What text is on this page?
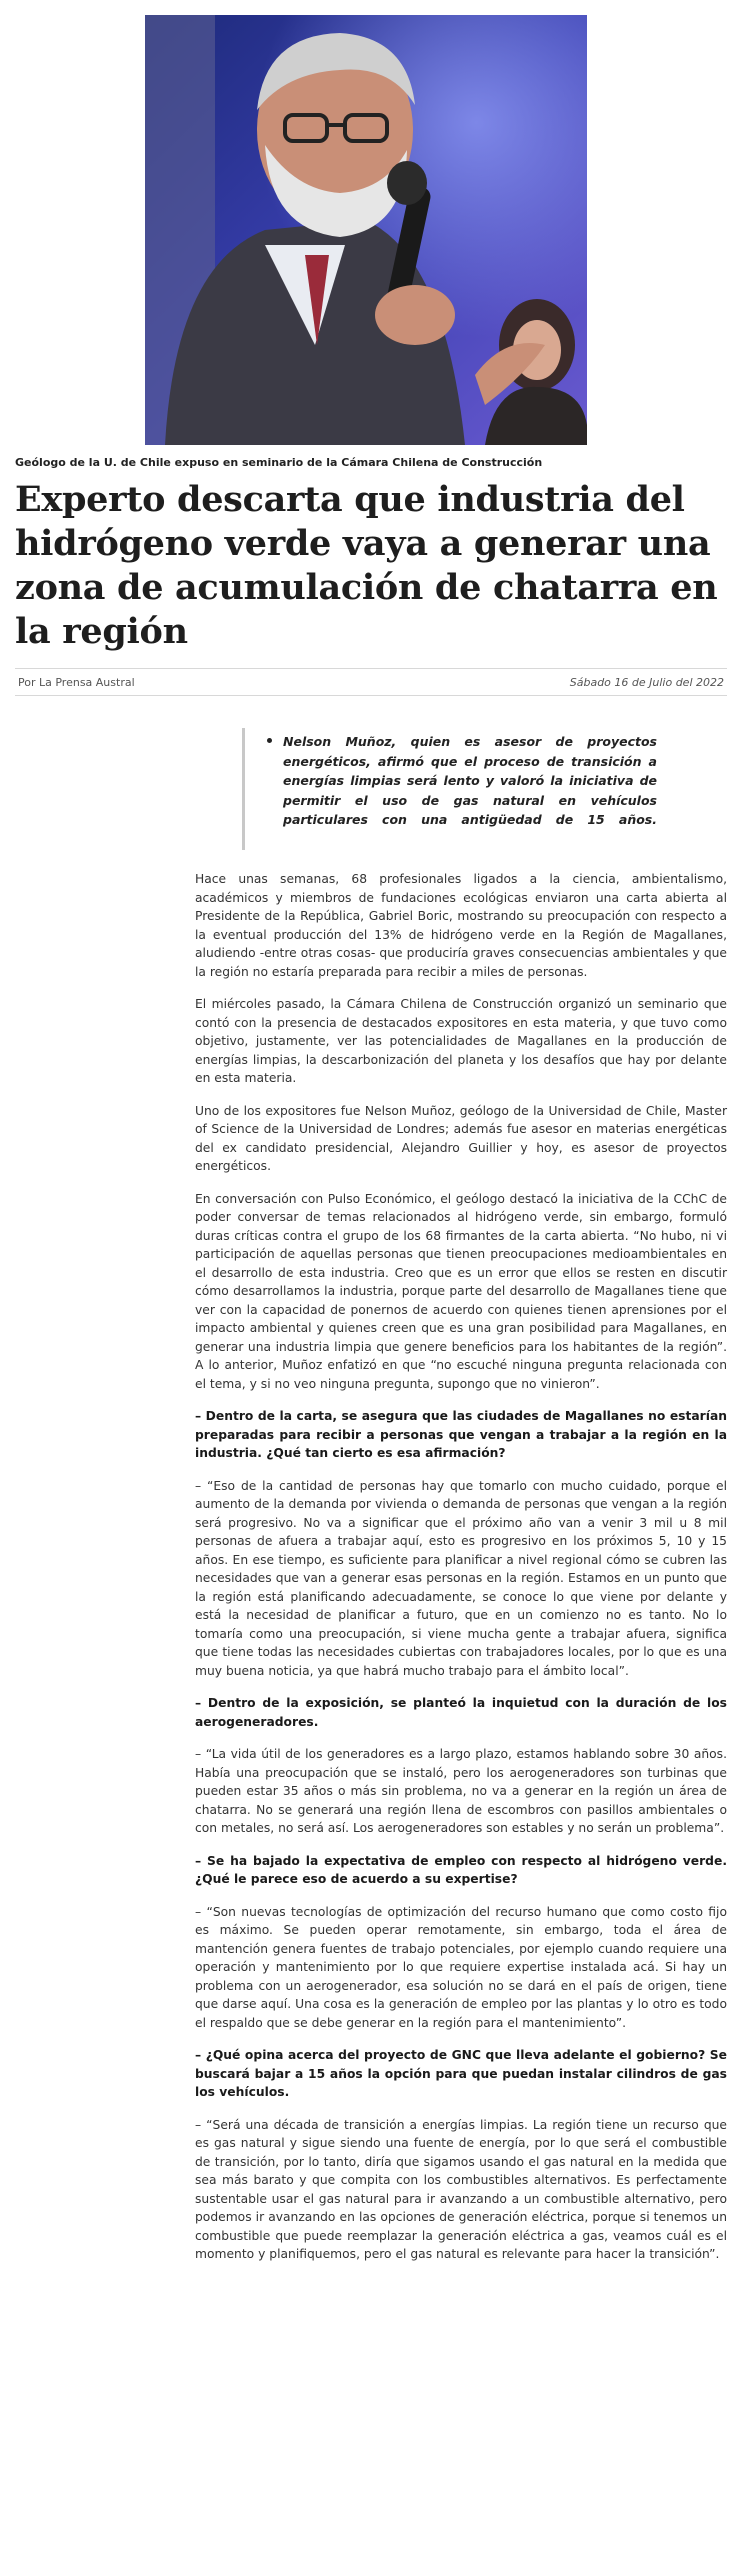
Geólogo de la U. de Chile expuso en seminario de la Cámara Chilena de Construcción
Experto descarta que industria del hidrógeno verde vaya a generar una zona de acumulación de chatarra en la región
Por La Prensa Austral	Sábado 16 de Julio del 2022

Nelson Muñoz, quien es asesor de proyectos energéticos, afirmó que el proceso de transición a energías limpias será lento y valoró la iniciativa de permitir el uso de gas natural en vehículos particulares con una antigüedad de 15 años.

Hace unas semanas, 68 profesionales ligados a la ciencia, ambientalismo, académicos y miembros de fundaciones ecológicas enviaron una carta abierta al Presidente de la República, Gabriel Boric, mostrando su preocupación con respecto a la eventual producción del 13% de hidrógeno verde en la Región de Magallanes, aludiendo -entre otras cosas- que produciría graves consecuencias ambientales y que la región no estaría preparada para recibir a miles de personas.

El miércoles pasado, la Cámara Chilena de Construcción organizó un seminario que contó con la presencia de destacados expositores en esta materia, y que tuvo como objetivo, justamente, ver las potencialidades de Magallanes en la producción de energías limpias, la descarbonización del planeta y los desafíos que hay por delante en esta materia.

Uno de los expositores fue Nelson Muñoz, geólogo de la Universidad de Chile, Master of Science de la Universidad de Londres; además fue asesor en materias energéticas del ex candidato presidencial, Alejandro Guillier y hoy, es asesor de proyectos energéticos.

En conversación con Pulso Económico, el geólogo destacó la iniciativa de la CChC de poder conversar de temas relacionados al hidrógeno verde, sin embargo, formuló duras críticas contra el grupo de los 68 firmantes de la carta abierta. “No hubo, ni vi participación de aquellas personas que tienen preocupaciones medioambientales en el desarrollo de esta industria. Creo que es un error que ellos se resten en discutir cómo desarrollamos la industria, porque parte del desarrollo de Magallanes tiene que ver con la capacidad de ponernos de acuerdo con quienes tienen aprensiones por el impacto ambiental y quienes creen que es una gran posibilidad para Magallanes, en generar una industria limpia que genere beneficios para los habitantes de la región”. A lo anterior, Muñoz enfatizó en que “no escuché ninguna pregunta relacionada con el tema, y si no veo ninguna pregunta, supongo que no vinieron”.

– Dentro de la carta, se asegura que las ciudades de Magallanes no estarían preparadas para recibir a personas que vengan a trabajar a la región en la industria. ¿Qué tan cierto es esa afirmación?

– “Eso de la cantidad de personas hay que tomarlo con mucho cuidado, porque el aumento de la demanda por vivienda o demanda de personas que vengan a la región será progresivo. No va a significar que el próximo año van a venir 3 mil u 8 mil personas de afuera a trabajar aquí, esto es progresivo en los próximos 5, 10 y 15 años. En ese tiempo, es suficiente para planificar a nivel regional cómo se cubren las necesidades que van a generar esas personas en la región. Estamos en un punto que la región está planificando adecuadamente, se conoce lo que viene por delante y está la necesidad de planificar a futuro, que en un comienzo no es tanto. No lo tomaría como una preocupación, si viene mucha gente a trabajar afuera, significa que tiene todas las necesidades cubiertas con trabajadores locales, por lo que es una muy buena noticia, ya que habrá mucho trabajo para el ámbito local”.

– Dentro de la exposición, se planteó la inquietud con la duración de los aerogeneradores.

– “La vida útil de los generadores es a largo plazo, estamos hablando sobre 30 años. Había una preocupación que se instaló, pero los aerogeneradores son turbinas que pueden estar 35 años o más sin problema, no va a generar en la región un área de chatarra. No se generará una región llena de escombros con pasillos ambientales o con metales, no será así. Los aerogeneradores son estables y no serán un problema”.

– Se ha bajado la expectativa de empleo con respecto al hidrógeno verde. ¿Qué le parece eso de acuerdo a su expertise?

– “Son nuevas tecnologías de optimización del recurso humano que como costo fijo es máximo. Se pueden operar remotamente, sin embargo, toda el área de mantención genera fuentes de trabajo potenciales, por ejemplo cuando requiere una operación y mantenimiento por lo que requiere expertise instalada acá. Si hay un problema con un aerogenerador, esa solución no se dará en el país de origen, tiene que darse aquí. Una cosa es la generación de empleo por las plantas y lo otro es todo el respaldo que se debe generar en la región para el mantenimiento”.

– ¿Qué opina acerca del proyecto de GNC que lleva adelante el gobierno? Se buscará bajar a 15 años la opción para que puedan instalar cilindros de gas los vehículos.

– “Será una década de transición a energías limpias. La región tiene un recurso que es gas natural y sigue siendo una fuente de energía, por lo que será el combustible de transición, por lo tanto, diría que sigamos usando el gas natural en la medida que sea más barato y que compita con los combustibles alternativos. Es perfectamente sustentable usar el gas natural para ir avanzando a un combustible alternativo, pero podemos ir avanzando en las opciones de generación eléctrica, porque si tenemos un combustible que puede reemplazar la generación eléctrica a gas, veamos cuál es el momento y planifiquemos, pero el gas natural es relevante para hacer la transición”.
